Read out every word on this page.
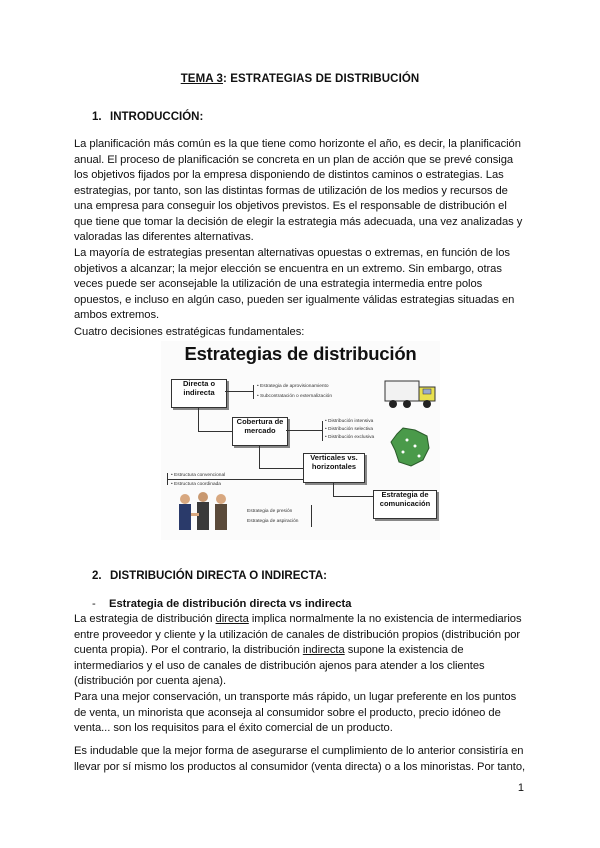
TEMA 3: ESTRATEGIAS DE DISTRIBUCIÓN
1. INTRODUCCIÓN:

La planificación más común es la que tiene como horizonte el año, es decir, la planificación anual. El proceso de planificación se concreta en un plan de acción que se prevé consiga los objetivos fijados por la empresa disponiendo de distintos caminos o estrategias. Las estrategias, por tanto, son las distintas formas de utilización de los medios y recursos de una empresa para conseguir los objetivos previstos. Es el responsable de distribución el que tiene que tomar la decisión de elegir la estrategia más adecuada, una vez analizadas y valoradas las diferentes alternativas.

La mayoría de estrategias presentan alternativas opuestas o extremas, en función de los objetivos a alcanzar; la mejor elección se encuentra en un extremo. Sin embargo, otras veces puede ser aconsejable la utilización de una estrategia intermedia entre polos opuestos, e incluso en algún caso, pueden ser igualmente válidas estrategias situadas en ambos extremos.

Cuatro decisiones estratégicas fundamentales:

Estrategias de distribución
Directa o indirecta
• Estrategia de aprovisionamiento
• Subcontratación o externalización
Cobertura de mercado
• Distribución intensiva
• Distribución selectiva
• Distribución exclusiva
Verticales vs. horizontales
• Estructura convencional
• Estructura coordinada
Estrategia de comunicación
Estrategia de presión
Estrategia de aspiración
2. DISTRIBUCIÓN DIRECTA O INDIRECTA:
- Estrategia de distribución directa vs indirecta

La estrategia de distribución directa implica normalmente la no existencia de intermediarios entre proveedor y cliente y la utilización de canales de distribución propios (distribución por cuenta propia). Por el contrario, la distribución indirecta supone la existencia de intermediarios y el uso de canales de distribución ajenos para atender a los clientes (distribución por cuenta ajena).

Para una mejor conservación, un transporte más rápido, un lugar preferente en los puntos de venta, un minorista que aconseja al consumidor sobre el producto, precio idóneo de venta... son los requisitos para el éxito comercial de un producto.

Es indudable que la mejor forma de asegurarse el cumplimiento de lo anterior consistiría en llevar por sí mismo los productos al consumidor (venta directa) o a los minoristas. Por tanto,

1
